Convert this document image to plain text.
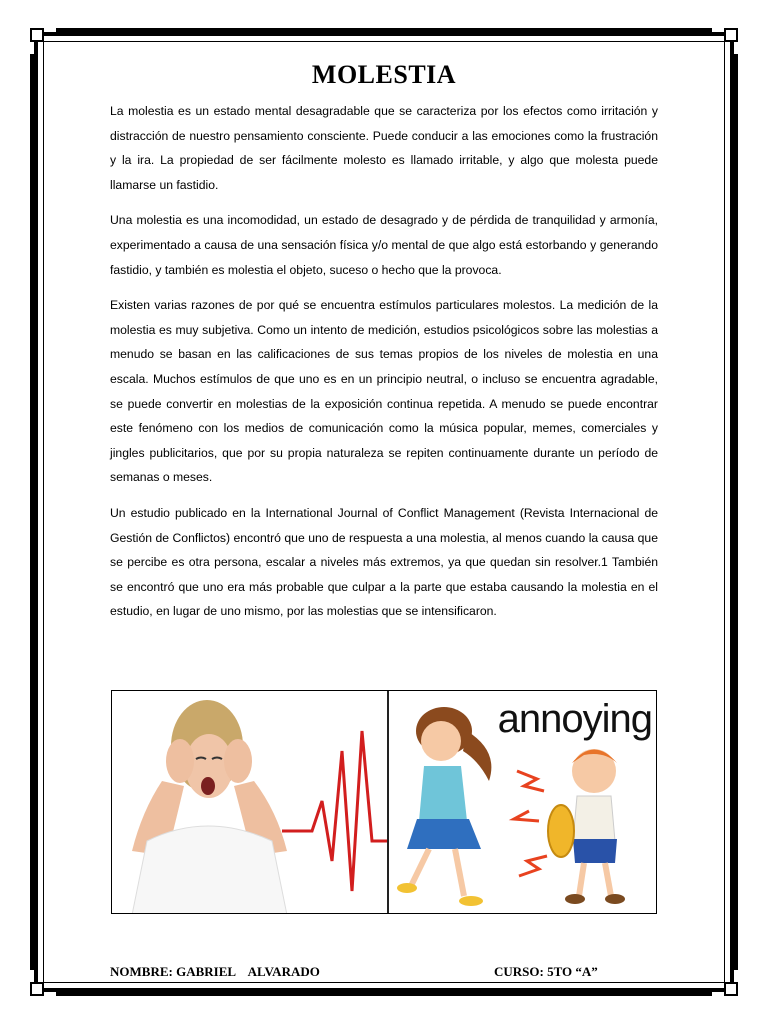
MOLESTIA

La molestia es un estado mental desagradable que se caracteriza por los efectos como irritación y distracción de nuestro pensamiento consciente. Puede conducir a las emociones como la frustración y la ira. La propiedad de ser fácilmente molesto es llamado irritable, y algo que molesta puede llamarse un fastidio.

Una molestia es una incomodidad, un estado de desagrado y de pérdida de tranquilidad y armonía, experimentado a causa de una sensación física y/o mental de que algo está estorbando y generando fastidio, y también es molestia el objeto, suceso o hecho que la provoca.

Existen varias razones de por qué se encuentra estímulos particulares molestos. La medición de la molestia es muy subjetiva. Como un intento de medición, estudios psicológicos sobre las molestias a menudo se basan en las calificaciones de sus temas propios de los niveles de molestia en una escala. Muchos estímulos de que uno es en un principio neutral, o incluso se encuentra agradable, se puede convertir en molestias de la exposición continua repetida. A menudo se puede encontrar este fenómeno con los medios de comunicación como la música popular, memes, comerciales y jingles publicitarios, que por su propia naturaleza se repiten continuamente durante un período de semanas o meses.

Un estudio publicado en la International Journal of Conflict Management (Revista Internacional de Gestión de Conflictos) encontró que uno de respuesta a una molestia, al menos cuando la causa que se percibe es otra persona, escalar a niveles más extremos, ya que quedan sin resolver.1 También se encontró que uno era más probable que culpar a la parte que estaba causando la molestia en el estudio, en lugar de uno mismo, por las molestias que se intensificaron.

annoying
NOMBRE: GABRIEL    ALVARADO	CURSO: 5TO “A”
